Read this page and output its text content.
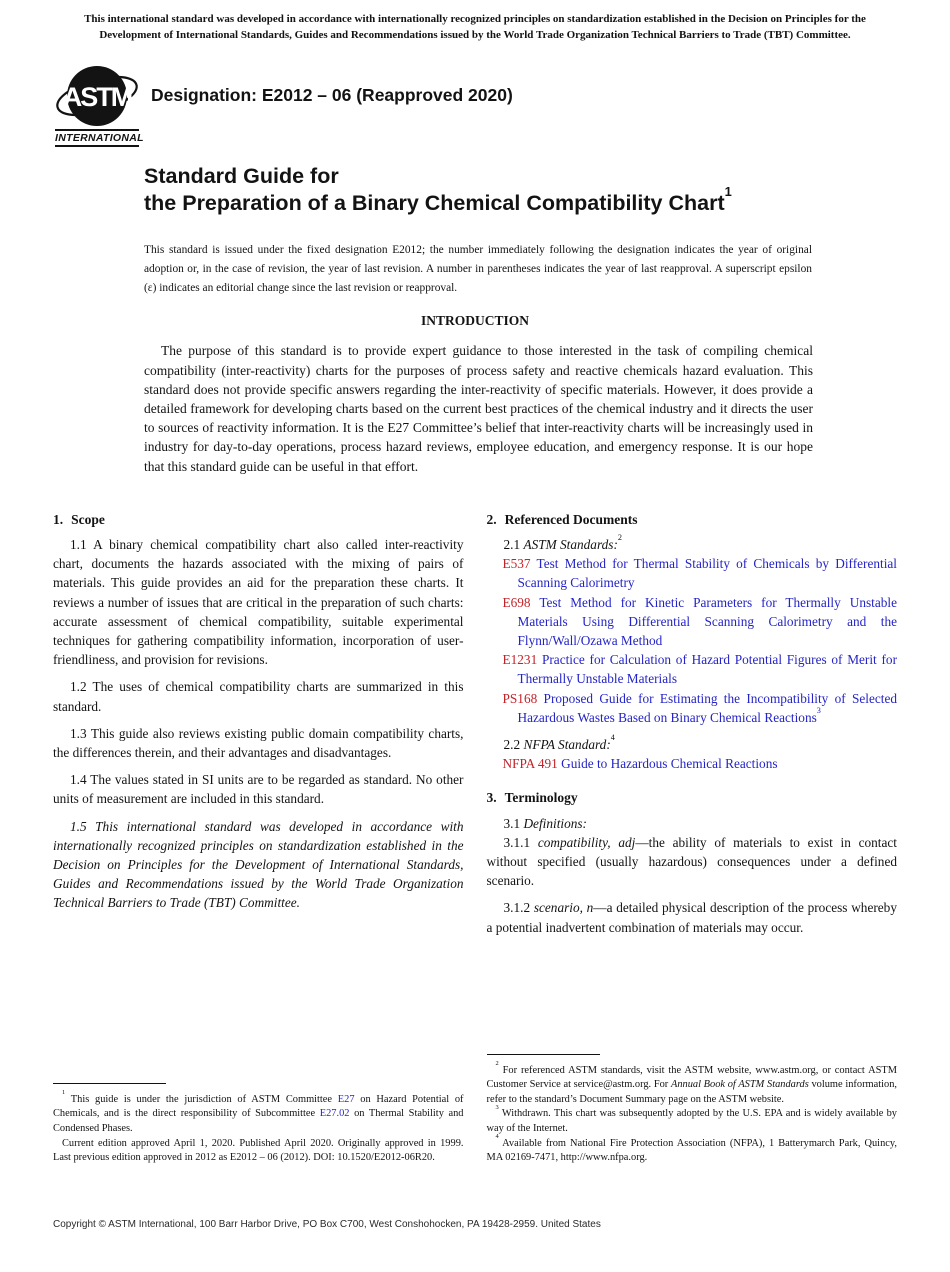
This international standard was developed in accordance with internationally recognized principles on standardization established in the Decision on Principles for the Development of International Standards, Guides and Recommendations issued by the World Trade Organization Technical Barriers to Trade (TBT) Committee.
ASTM
INTERNATIONAL
Designation: E2012 – 06 (Reapproved 2020)
Standard Guide for
the Preparation of a Binary Chemical Compatibility Chart$^1$
This standard is issued under the fixed designation E2012; the number immediately following the designation indicates the year of original adoption or, in the case of revision, the year of last revision. A number in parentheses indicates the year of last reapproval. A superscript epsilon (ε) indicates an editorial change since the last revision or reapproval.
INTRODUCTION
The purpose of this standard is to provide expert guidance to those interested in the task of compiling chemical compatibility (inter-reactivity) charts for the purposes of process safety and reactive chemicals hazard evaluation. This standard does not provide specific answers regarding the inter-reactivity of specific materials. However, it does provide a detailed framework for developing charts based on the current best practices of the chemical industry and it directs the user to sources of reactivity information. It is the E27 Committee’s belief that inter-reactivity charts will be increasingly used in industry for day-to-day operations, process hazard reviews, employee education, and emergency response. It is our hope that this standard guide can be useful in that effort.
1. Scope

1.1 A binary chemical compatibility chart also called inter-reactivity chart, documents the hazards associated with the mixing of pairs of materials. This guide provides an aid for the preparation these charts. It reviews a number of issues that are critical in the preparation of such charts: accurate assessment of chemical compatibility, suitable experimental techniques for gathering compatibility information, incorporation of user-friendliness, and provision for revisions.

1.2 The uses of chemical compatibility charts are summarized in this standard.

1.3 This guide also reviews existing public domain compatibility charts, the differences therein, and their advantages and disadvantages.

1.4 The values stated in SI units are to be regarded as standard. No other units of measurement are included in this standard.

1.5 This international standard was developed in accordance with internationally recognized principles on standardization established in the Decision on Principles for the Development of International Standards, Guides and Recommendations issued by the World Trade Organization Technical Barriers to Trade (TBT) Committee.

$^1$ This guide is under the jurisdiction of ASTM Committee E27 on Hazard Potential of Chemicals, and is the direct responsibility of Subcommittee E27.02 on Thermal Stability and Condensed Phases.

Current edition approved April 1, 2020. Published April 2020. Originally approved in 1999. Last previous edition approved in 2012 as E2012 – 06 (2012). DOI: 10.1520/E2012-06R20.

2. Referenced Documents

2.1 ASTM Standards:$^2$

E537 Test Method for Thermal Stability of Chemicals by Differential Scanning Calorimetry

E698 Test Method for Kinetic Parameters for Thermally Unstable Materials Using Differential Scanning Calorimetry and the Flynn/Wall/Ozawa Method

E1231 Practice for Calculation of Hazard Potential Figures of Merit for Thermally Unstable Materials

PS168 Proposed Guide for Estimating the Incompatibility of Selected Hazardous Wastes Based on Binary Chemical Reactions$^3$

2.2 NFPA Standard:$^4$

NFPA 491 Guide to Hazardous Chemical Reactions

3. Terminology

3.1 Definitions:

3.1.1 compatibility, adj—the ability of materials to exist in contact without specified (usually hazardous) consequences under a defined scenario.

3.1.2 scenario, n—a detailed physical description of the process whereby a potential inadvertent combination of materials may occur.

$^2$ For referenced ASTM standards, visit the ASTM website, www.astm.org, or contact ASTM Customer Service at service@astm.org. For Annual Book of ASTM Standards volume information, refer to the standard’s Document Summary page on the ASTM website.

$^3$ Withdrawn. This chart was subsequently adopted by the U.S. EPA and is widely available by way of the Internet.

$^4$ Available from National Fire Protection Association (NFPA), 1 Batterymarch Park, Quincy, MA 02169-7471, http://www.nfpa.org.

Copyright © ASTM International, 100 Barr Harbor Drive, PO Box C700, West Conshohocken, PA 19428-2959. United States
